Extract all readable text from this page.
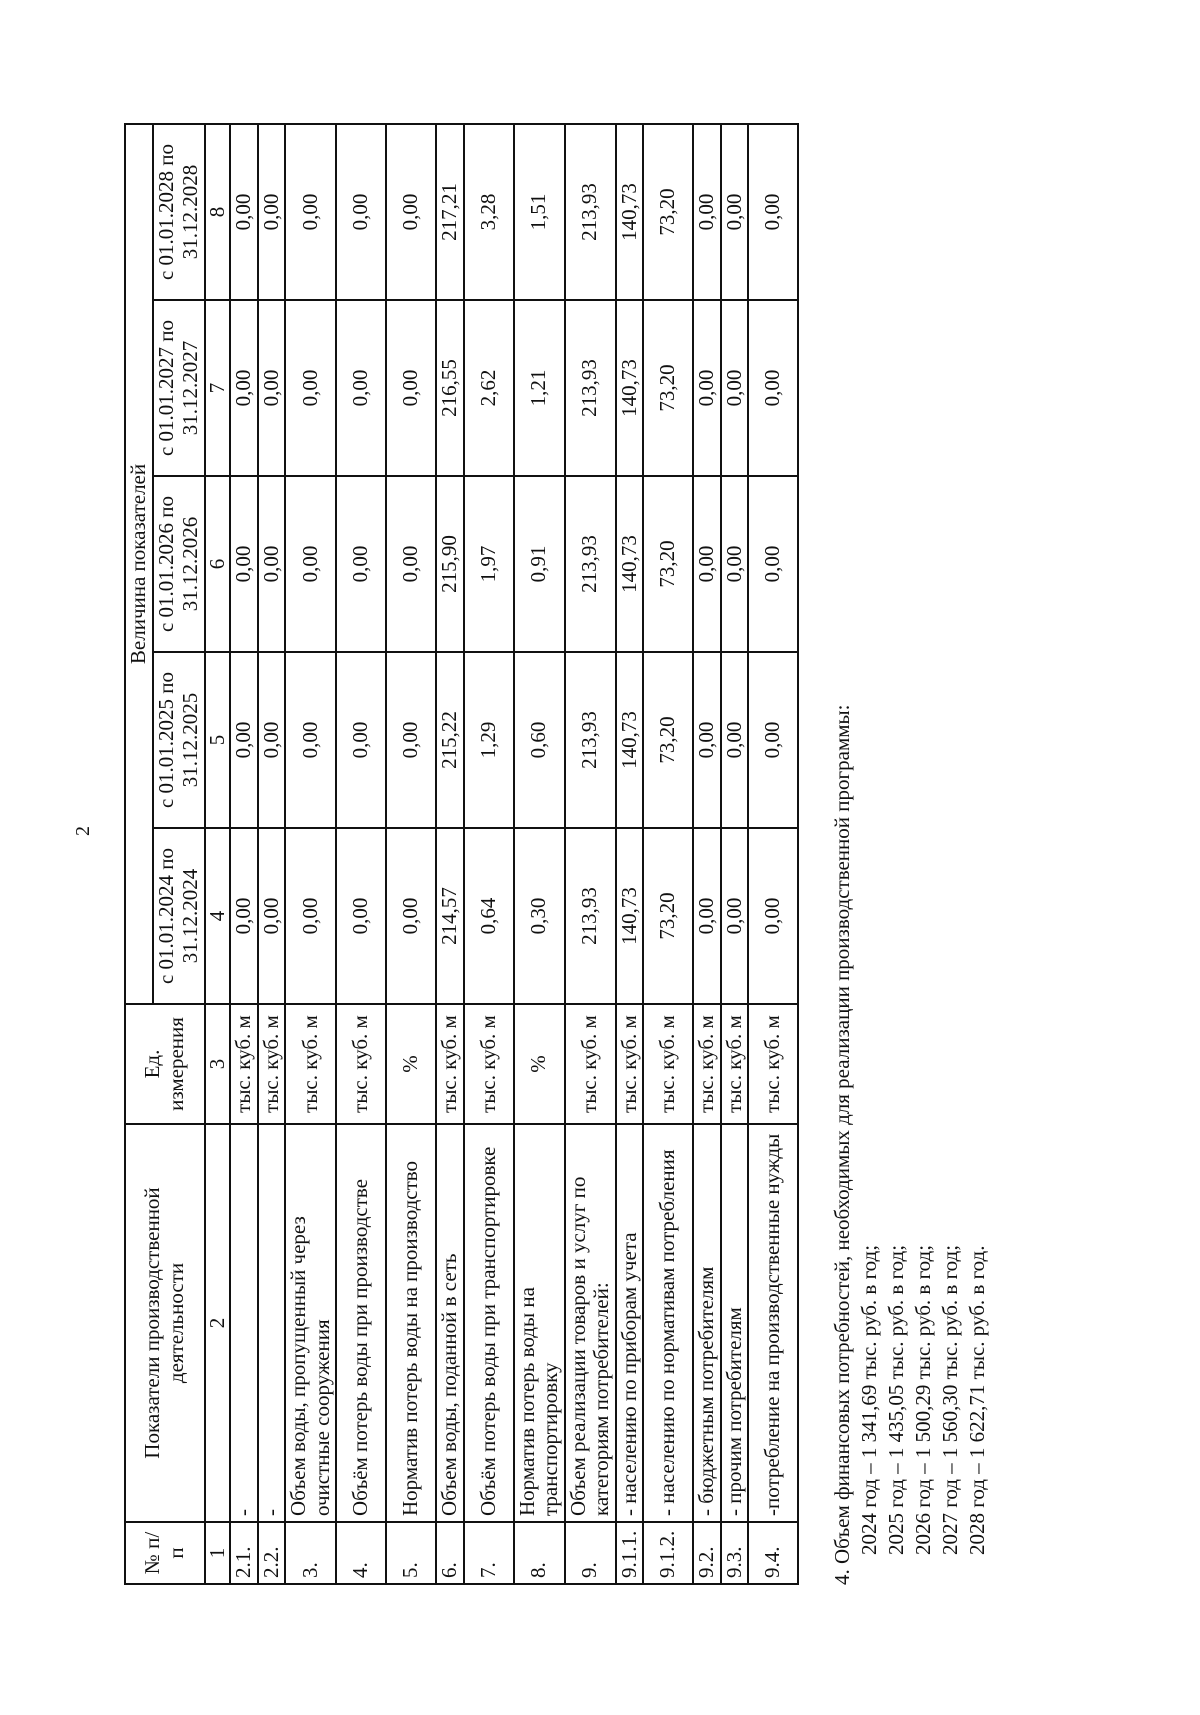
2
№ п/п	Показатели производственной деятельности	Ед. измерения	Величина показателей				
			с 01.01.2024 по 31.12.2024	с 01.01.2025 по 31.12.2025	с 01.01.2026 по 31.12.2026	с 01.01.2027 по 31.12.2027	с 01.01.2028 по 31.12.2028
1	2	3	4	5	6	7	8
2.1.	-	тыс. куб. м	0,00	0,00	0,00	0,00	0,00
2.2.	-	тыс. куб. м	0,00	0,00	0,00	0,00	0,00
3.	Объем воды, пропущенный через очистные сооружения	тыс. куб. м	0,00	0,00	0,00	0,00	0,00
4.	Объём потерь воды при производстве	тыс. куб. м	0,00	0,00	0,00	0,00	0,00
5.	Норматив потерь воды на производство	%	0,00	0,00	0,00	0,00	0,00
6.	Объем воды, поданной в сеть	тыс. куб. м	214,57	215,22	215,90	216,55	217,21
7.	Объём потерь воды при транспортировке	тыс. куб. м	0,64	1,29	1,97	2,62	3,28
8.	Норматив потерь воды на транспортировку	%	0,30	0,60	0,91	1,21	1,51
9.	Объем реализации товаров и услуг по категориям потребителей:	тыс. куб. м	213,93	213,93	213,93	213,93	213,93
9.1.1.	- населению по приборам учета	тыс. куб. м	140,73	140,73	140,73	140,73	140,73
9.1.2.	- населению по нормативам потребления	тыс. куб. м	73,20	73,20	73,20	73,20	73,20
9.2.	- бюджетным потребителям	тыс. куб. м	0,00	0,00	0,00	0,00	0,00
9.3.	- прочим потребителям	тыс. куб. м	0,00	0,00	0,00	0,00	0,00
9.4.	-потребление на производственные нужды	тыс. куб. м	0,00	0,00	0,00	0,00	0,00
4. Объем финансовых потребностей, необходимых для реализации производственной программы: 2024 год – 1 341,69 тыс. руб. в год; 2025 год – 1 435,05 тыс. руб. в год; 2026 год – 1 500,29 тыс. руб. в год; 2027 год – 1 560,30 тыс. руб. в год; 2028 год – 1 622,71 тыс. руб. в год.
